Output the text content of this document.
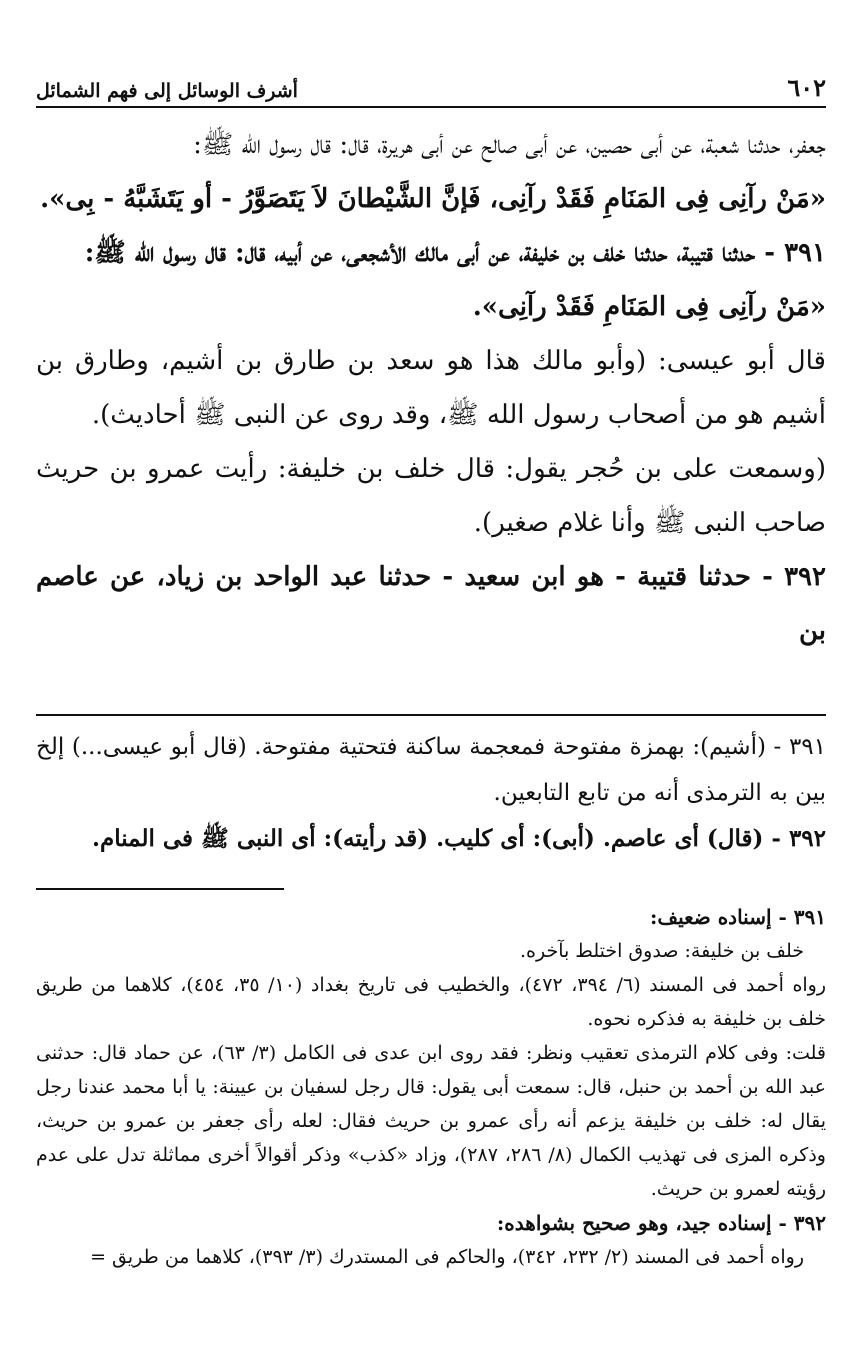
٦٠٢
أشرف الوسائل إلى فهم الشمائل

جعفر، حدثنا شعبة، عن أبى حصين، عن أبى صالح عن أبى هريرة، قال: قال رسول الله ﷺ:

«مَنْ رآنِى فِى المَنَامِ فَقَدْ رآنِى، فَإنَّ الشَّيْطانَ لاَ يَتَصَوَّرُ - أو يَتَشَبَّهُ - بِى».

٣٩١ - حدثنا قتيبة، حدثنا خلف بن خليفة، عن أبى مالك الأشجعى، عن أبيه، قال: قال رسول الله ﷺ:

«مَنْ رآنِى فِى المَنَامِ فَقَدْ رآنِى».

قال أبو عيسى: (وأبو مالك هذا هو سعد بن طارق بن أشيم، وطارق بن أشيم هو من أصحاب رسول الله ﷺ، وقد روى عن النبى ﷺ أحاديث).

(وسمعت على بن حُجر يقول: قال خلف بن خليفة: رأيت عمرو بن حريث صاحب النبى ﷺ وأنا غلام صغير).

٣٩٢ - حدثنا قتيبة - هو ابن سعيد - حدثنا عبد الواحد بن زياد، عن عاصم بن

٣٩١ - (أشيم): بهمزة مفتوحة فمعجمة ساكنة فتحتية مفتوحة. (قال أبو عيسى...) إلخ بين به الترمذى أنه من تابع التابعين.

٣٩٢ - (قال) أى عاصم. (أبى): أى كليب. (قد رأيته): أى النبى ﷺ فى المنام.

٣٩١ - إسناده ضعيف:

خلف بن خليفة: صدوق اختلط بآخره.

رواه أحمد فى المسند (٦/ ٣٩٤، ٤٧٢)، والخطيب فى تاريخ بغداد (١٠/ ٣٥، ٤٥٤)، كلاهما من طريق خلف بن خليفة به فذكره نحوه.

قلت: وفى كلام الترمذى تعقيب ونظر: فقد روى ابن عدى فى الكامل (٣/ ٦٣)، عن حماد قال: حدثنى عبد الله بن أحمد بن حنبل، قال: سمعت أبى يقول: قال رجل لسفيان بن عيينة: يا أبا محمد عندنا رجل يقال له: خلف بن خليفة يزعم أنه رأى عمرو بن حريث فقال: لعله رأى جعفر بن عمرو بن حريث، وذكره المزى فى تهذيب الكمال (٨/ ٢٨٦، ٢٨٧)، وزاد «كذب» وذكر أقوالاً أخرى مماثلة تدل على عدم رؤيته لعمرو بن حريث.

٣٩٢ - إسناده جيد، وهو صحيح بشواهده:

رواه أحمد فى المسند (٢/ ٢٣٢، ٣٤٢)، والحاكم فى المستدرك (٣/ ٣٩٣)، كلاهما من طريق =
